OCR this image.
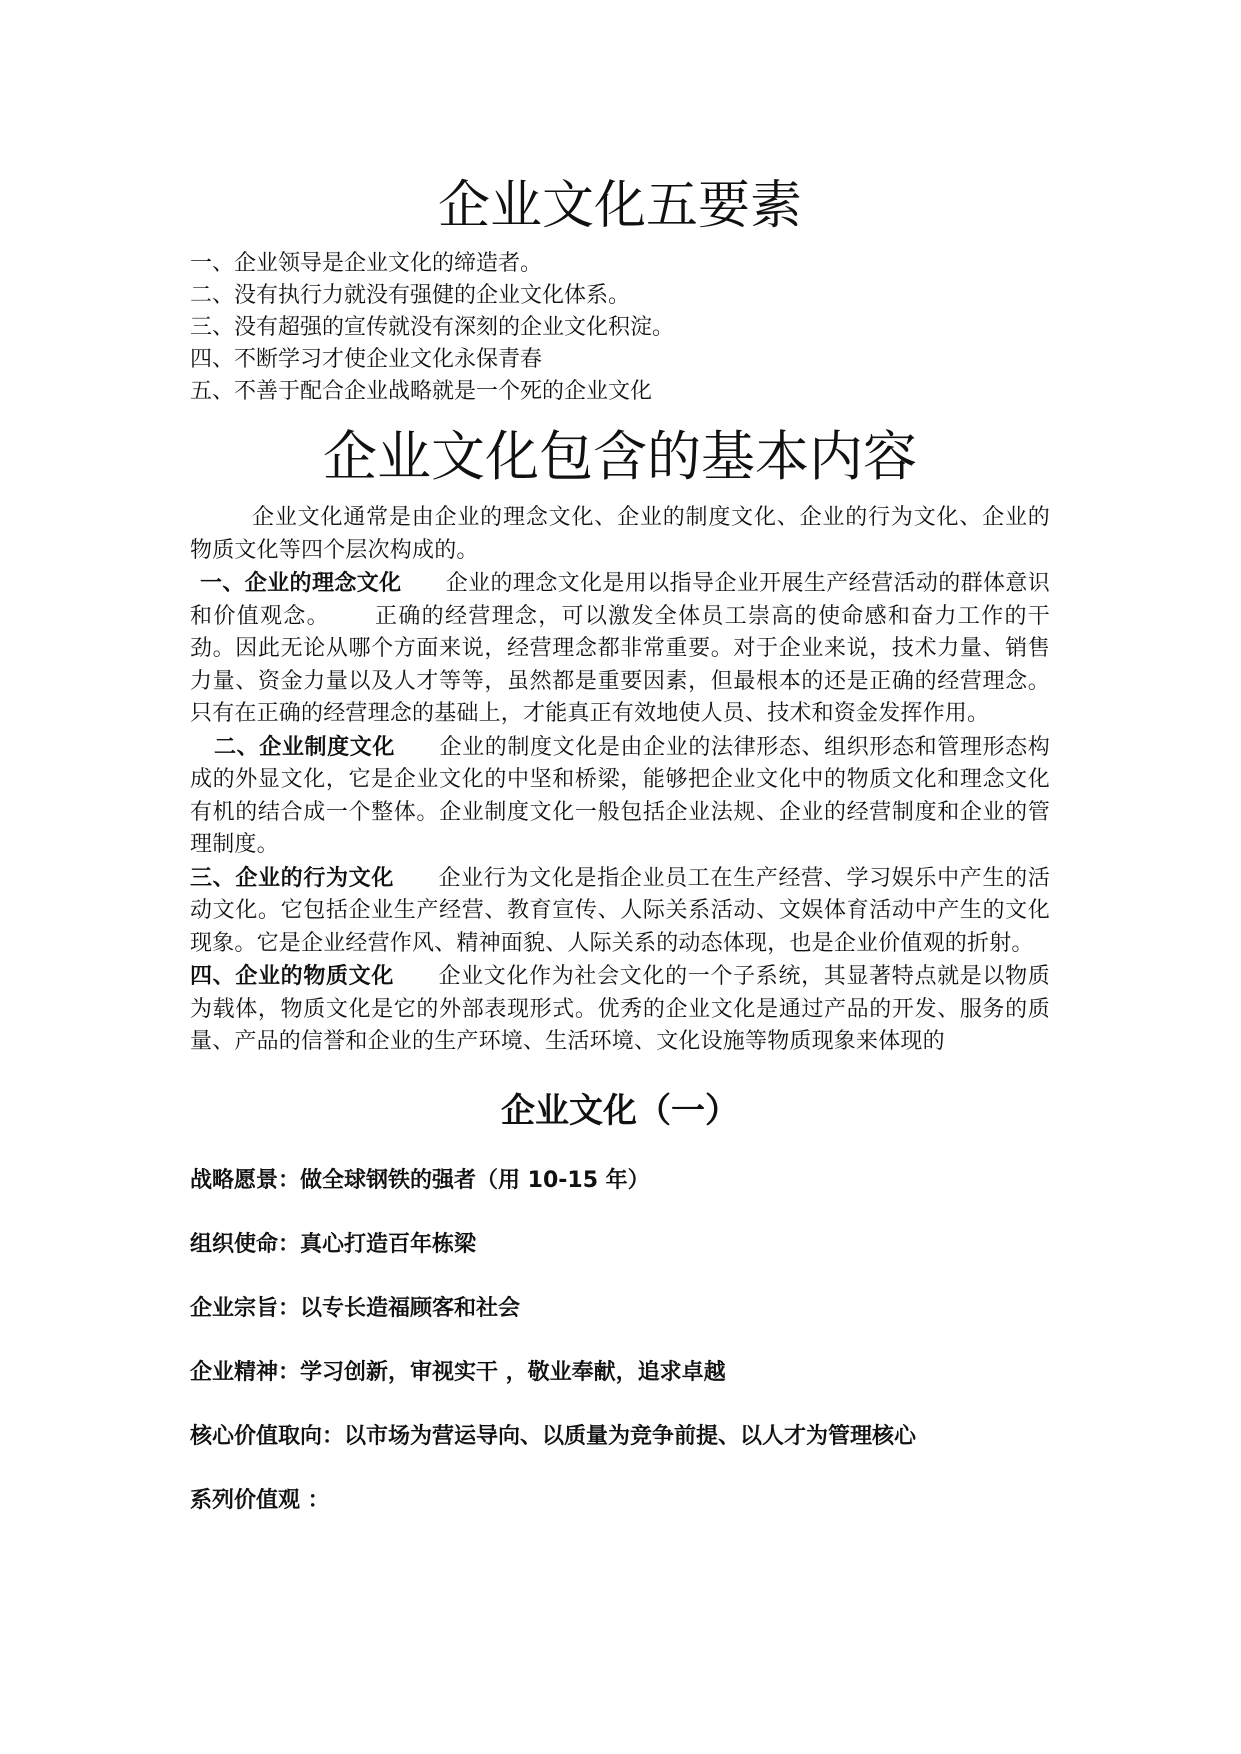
企业文化五要素
一、企业领导是企业文化的缔造者。
二、没有执行力就没有强健的企业文化体系。
三、没有超强的宣传就没有深刻的企业文化积淀。
四、不断学习才使企业文化永保青春
五、不善于配合企业战略就是一个死的企业文化
企业文化包含的基本内容

企业文化通常是由企业的理念文化、企业的制度文化、企业的行为文化、企业的物质文化等四个层次构成的。

一、企业的理念文化 企业的理念文化是用以指导企业开展生产经营活动的群体意识和价值观念。 正确的经营理念，可以激发全体员工崇高的使命感和奋力工作的干劲。因此无论从哪个方面来说，经营理念都非常重要。对于企业来说，技术力量、销售力量、资金力量以及人才等等，虽然都是重要因素，但最根本的还是正确的经营理念。只有在正确的经营理念的基础上，才能真正有效地使人员、技术和资金发挥作用。

二、企业制度文化 企业的制度文化是由企业的法律形态、组织形态和管理形态构成的外显文化，它是企业文化的中坚和桥梁，能够把企业文化中的物质文化和理念文化有机的结合成一个整体。企业制度文化一般包括企业法规、企业的经营制度和企业的管理制度。

三、企业的行为文化 企业行为文化是指企业员工在生产经营、学习娱乐中产生的活动文化。它包括企业生产经营、教育宣传、人际关系活动、文娱体育活动中产生的文化现象。它是企业经营作风、精神面貌、人际关系的动态体现，也是企业价值观的折射。

四、企业的物质文化 企业文化作为社会文化的一个子系统，其显著特点就是以物质为载体，物质文化是它的外部表现形式。优秀的企业文化是通过产品的开发、服务的质量、产品的信誉和企业的生产环境、生活环境、文化设施等物质现象来体现的

企业文化（一）
战略愿景：做全球钢铁的强者（用 10-15 年）
组织使命：真心打造百年栋梁
企业宗旨：以专长造福顾客和社会
企业精神：学习创新，审视实干 ，敬业奉献，追求卓越
核心价值取向：以市场为营运导向、以质量为竞争前提、以人才为管理核心
系列价值观 ：
